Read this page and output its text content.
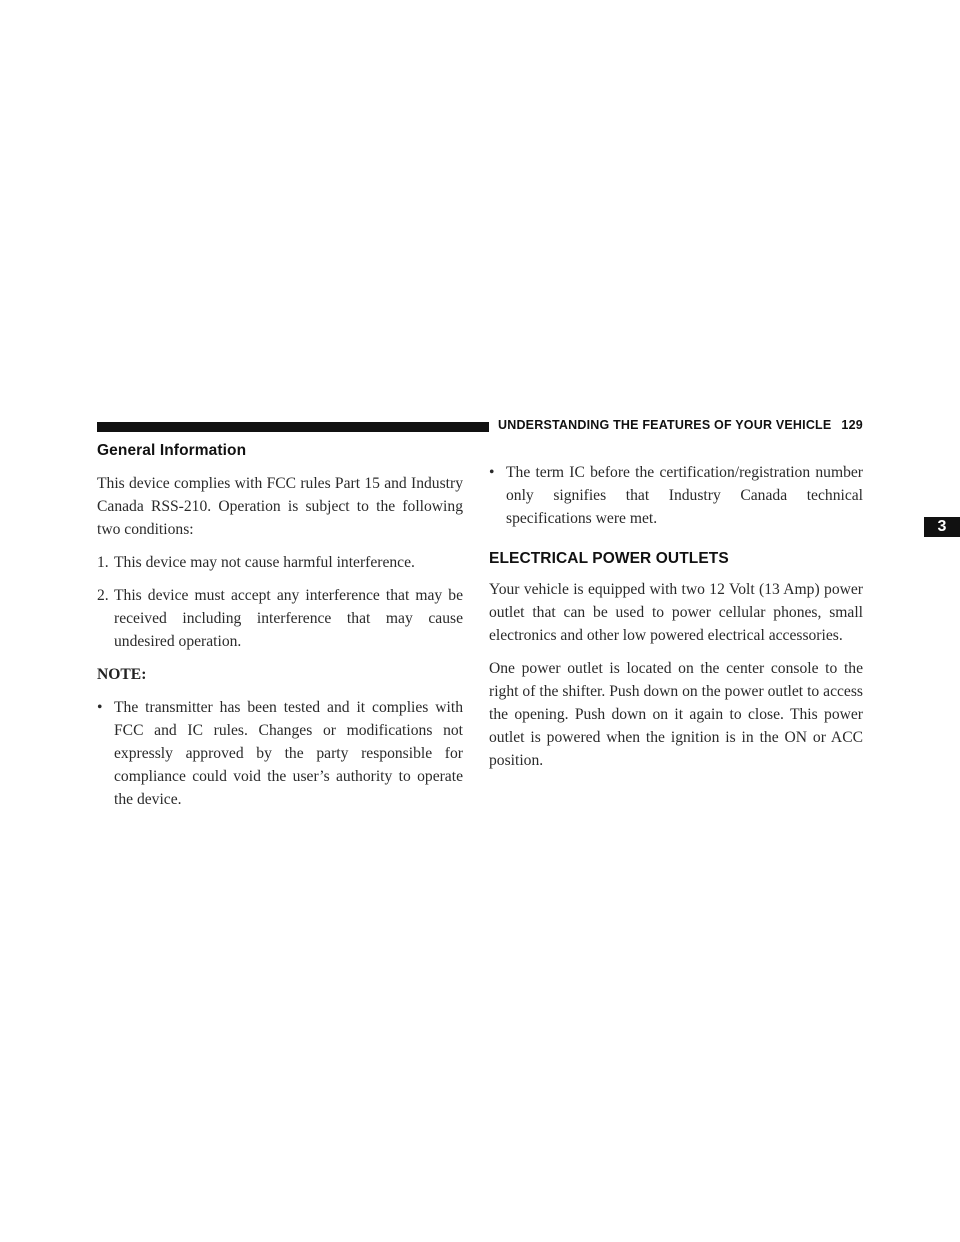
UNDERSTANDING THE FEATURES OF YOUR VEHICLE 129
3
General Information

This device complies with FCC rules Part 15 and Industry Canada RSS-210. Operation is subject to the following two conditions:

1. This device may not cause harmful interference.
2. This device must accept any interference that may be received including interference that may cause undesired operation.
NOTE:
• The transmitter has been tested and it complies with FCC and IC rules. Changes or modifications not expressly approved by the party responsible for compliance could void the user’s authority to operate the device.
• The term IC before the certification/registration number only signifies that Industry Canada technical specifications were met.
ELECTRICAL POWER OUTLETS

Your vehicle is equipped with two 12 Volt (13 Amp) power outlet that can be used to power cellular phones, small electronics and other low powered electrical accessories.

One power outlet is located on the center console to the right of the shifter. Push down on the power outlet to access the opening. Push down on it again to close. This power outlet is powered when the ignition is in the ON or ACC position.
